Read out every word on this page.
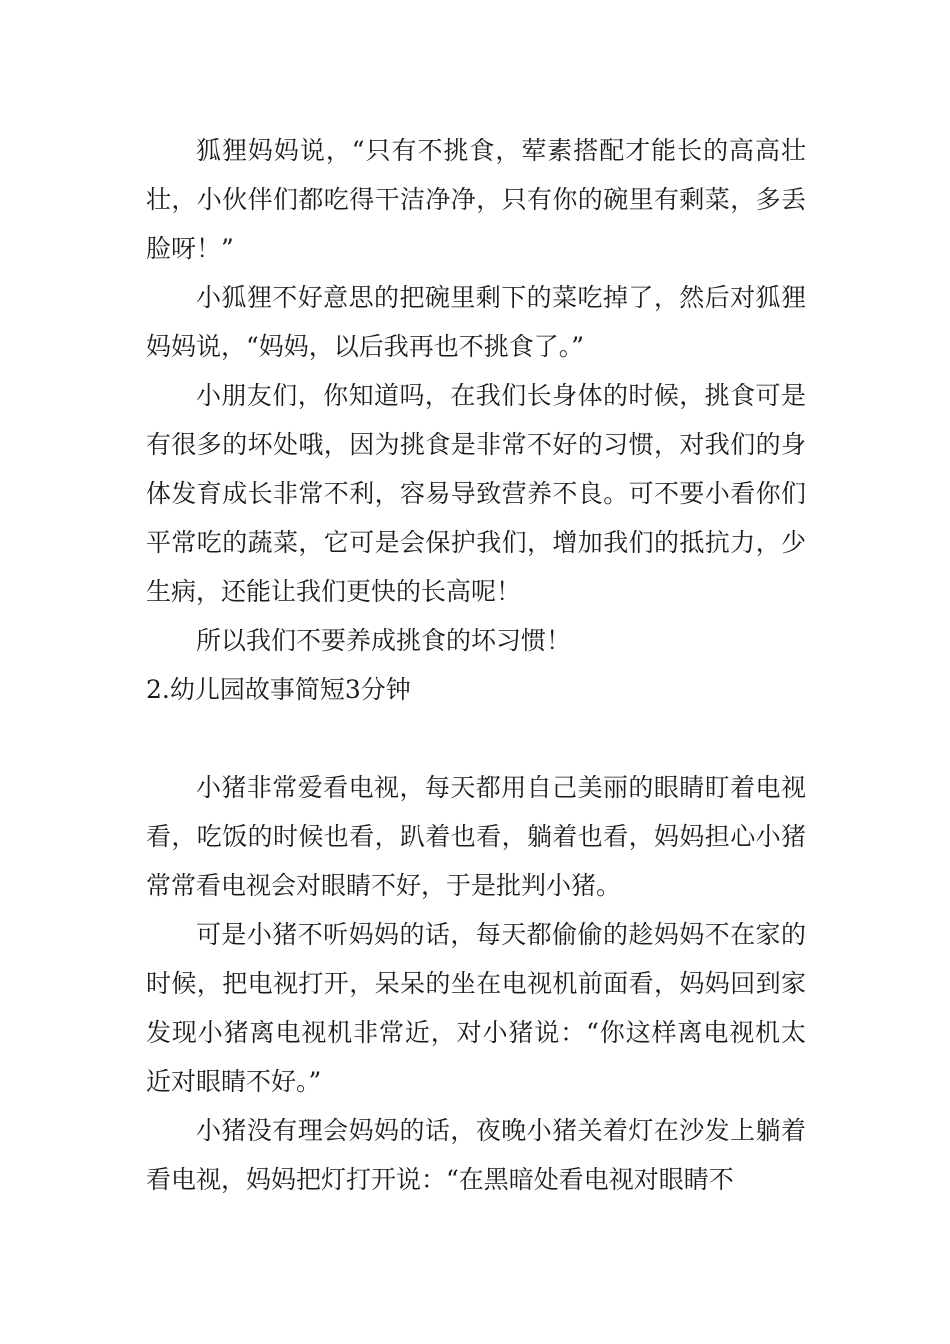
狐狸妈妈说，“只有不挑食，荤素搭配才能长的高高壮壮，小伙伴们都吃得干洁净净，只有你的碗里有剩菜，多丢脸呀！”

小狐狸不好意思的把碗里剩下的菜吃掉了，然后对狐狸妈妈说，“妈妈，以后我再也不挑食了。”

小朋友们，你知道吗，在我们长身体的时候，挑食可是有很多的坏处哦，因为挑食是非常不好的习惯，对我们的身体发育成长非常不利，容易导致营养不良。可不要小看你们平常吃的蔬菜，它可是会保护我们，增加我们的抵抗力，少生病，还能让我们更快的长高呢！

所以我们不要养成挑食的坏习惯！

2.幼儿园故事简短3分钟

小猪非常爱看电视，每天都用自己美丽的眼睛盯着电视看，吃饭的时候也看，趴着也看，躺着也看，妈妈担心小猪常常看电视会对眼睛不好，于是批判小猪。

可是小猪不听妈妈的话，每天都偷偷的趁妈妈不在家的时候，把电视打开，呆呆的坐在电视机前面看，妈妈回到家发现小猪离电视机非常近，对小猪说：“你这样离电视机太近对眼睛不好。”

小猪没有理会妈妈的话，夜晚小猪关着灯在沙发上躺着看电视，妈妈把灯打开说：“在黑暗处看电视对眼睛不
